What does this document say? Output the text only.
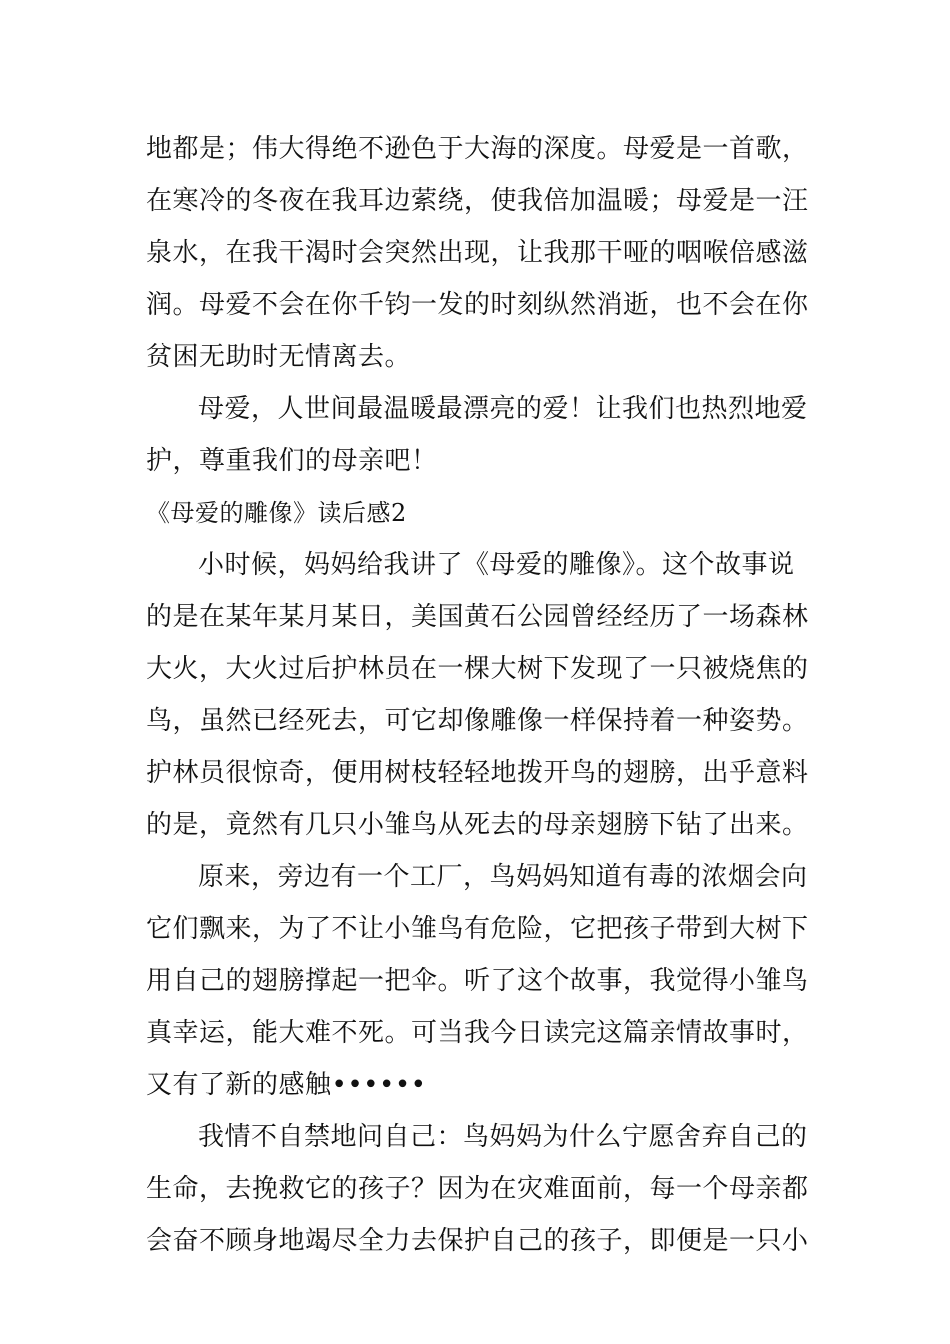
地都是；伟大得绝不逊色于大海的深度。母爱是一首歌，
在寒冷的冬夜在我耳边萦绕，使我倍加温暖；母爱是一汪
泉水，在我干渴时会突然出现，让我那干哑的咽喉倍感滋
润。母爱不会在你千钧一发的时刻纵然消逝，也不会在你
贫困无助时无情离去。
母爱，人世间最温暖最漂亮的爱！让我们也热烈地爱
护，尊重我们的母亲吧！
《母爱的雕像》读后感2
小时候，妈妈给我讲了《母爱的雕像》。这个故事说
的是在某年某月某日，美国黄石公园曾经经历了一场森林
大火，大火过后护林员在一棵大树下发现了一只被烧焦的
鸟，虽然已经死去，可它却像雕像一样保持着一种姿势。
护林员很惊奇，便用树枝轻轻地拨开鸟的翅膀，出乎意料
的是，竟然有几只小雏鸟从死去的母亲翅膀下钻了出来。
原来，旁边有一个工厂，鸟妈妈知道有毒的浓烟会向
它们飘来，为了不让小雏鸟有危险，它把孩子带到大树下
用自己的翅膀撑起一把伞。听了这个故事，我觉得小雏鸟
真幸运，能大难不死。可当我今日读完这篇亲情故事时，
又有了新的感触••••••
我情不自禁地问自己：鸟妈妈为什么宁愿舍弃自己的
生命，去挽救它的孩子？因为在灾难面前，每一个母亲都
会奋不顾身地竭尽全力去保护自己的孩子，即便是一只小
